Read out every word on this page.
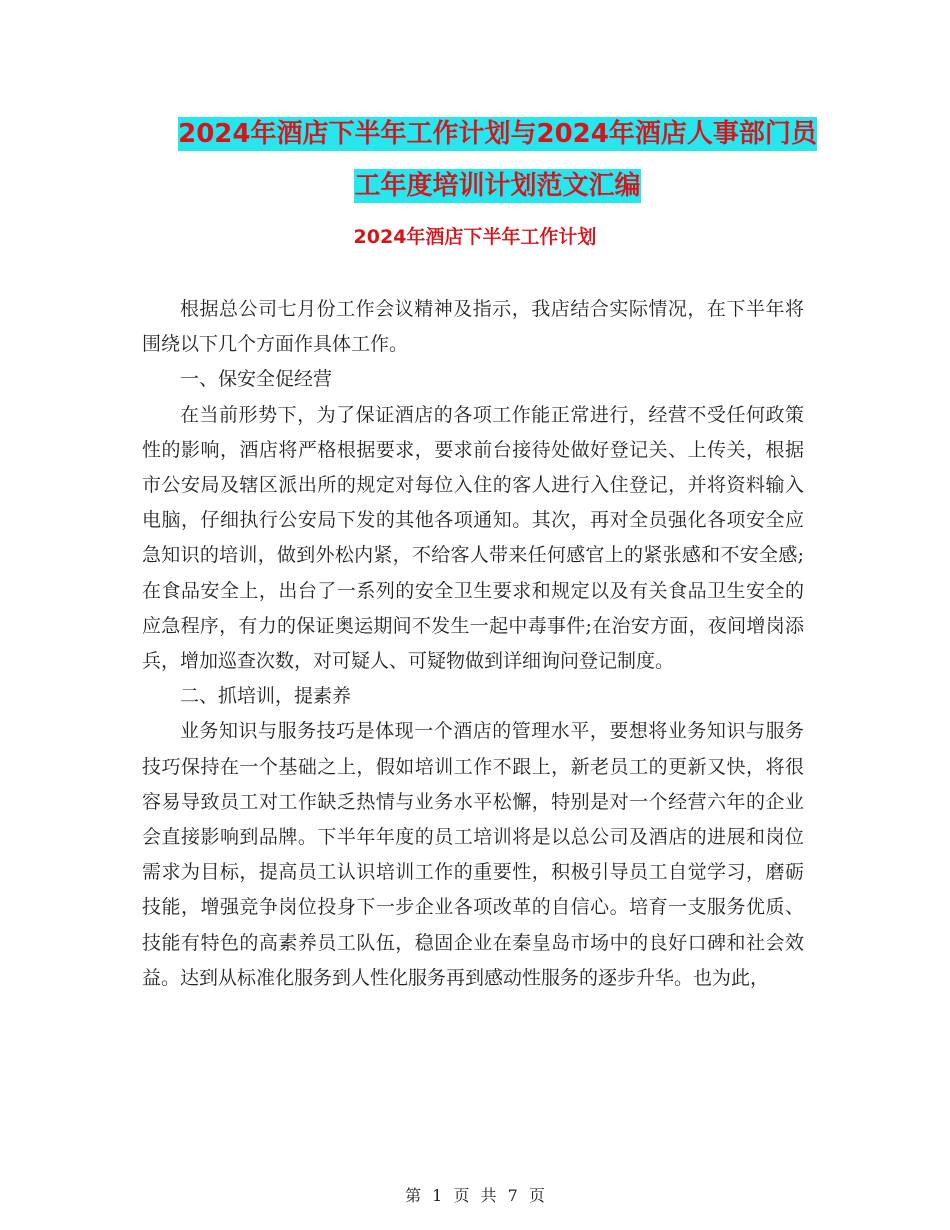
2024年酒店下半年工作计划与2024年酒店人事部门员
工年度培训计划范文汇编
2024年酒店下半年工作计划

根据总公司七月份工作会议精神及指示，我店结合实际情况，在下半年将围绕以下几个方面作具体工作。

一、保安全促经营

在当前形势下，为了保证酒店的各项工作能正常进行，经营不受任何政策性的影响，酒店将严格根据要求，要求前台接待处做好登记关、上传关，根据市公安局及辖区派出所的规定对每位入住的客人进行入住登记，并将资料输入电脑，仔细执行公安局下发的其他各项通知。其次，再对全员强化各项安全应急知识的培训，做到外松内紧，不给客人带来任何感官上的紧张感和不安全感;在食品安全上，出台了一系列的安全卫生要求和规定以及有关食品卫生安全的应急程序，有力的保证奥运期间不发生一起中毒事件;在治安方面，夜间增岗添兵，增加巡查次数，对可疑人、可疑物做到详细询问登记制度。

二、抓培训，提素养

业务知识与服务技巧是体现一个酒店的管理水平，要想将业务知识与服务技巧保持在一个基础之上，假如培训工作不跟上，新老员工的更新又快，将很容易导致员工对工作缺乏热情与业务水平松懈，特别是对一个经营六年的企业会直接影响到品牌。下半年年度的员工培训将是以总公司及酒店的进展和岗位需求为目标，提高员工认识培训工作的重要性，积极引导员工自觉学习，磨砺技能，增强竞争岗位投身下一步企业各项改革的自信心。培育一支服务优质、技能有特色的高素养员工队伍，稳固企业在秦皇岛市场中的良好口碑和社会效益。达到从标准化服务到人性化服务再到感动性服务的逐步升华。也为此，

第 1 页 共 7 页
